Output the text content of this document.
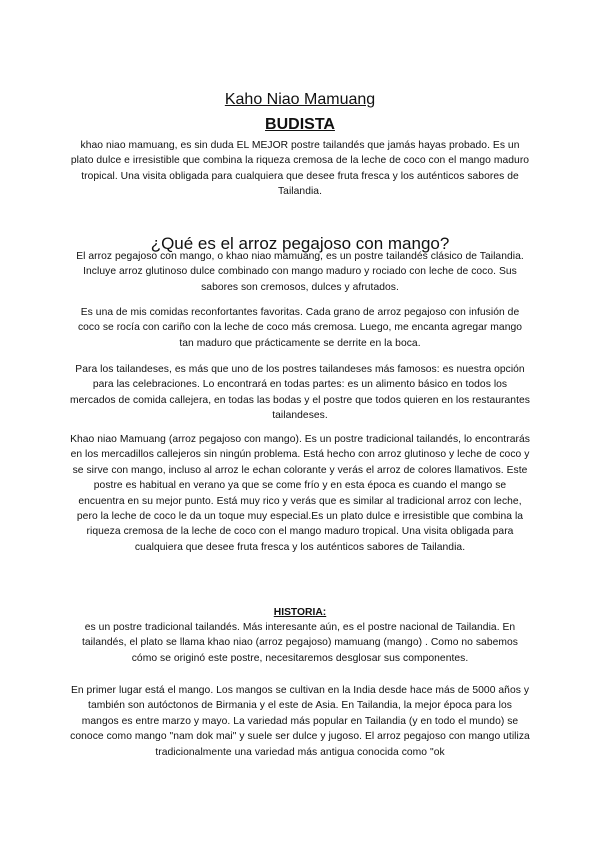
Kaho Niao Mamuang
BUDISTA

khao niao mamuang, es sin duda EL MEJOR postre tailandés que jamás hayas probado. Es un plato dulce e irresistible que combina la riqueza cremosa de la leche de coco con el mango maduro tropical. Una visita obligada para cualquiera que desee fruta fresca y los auténticos sabores de Tailandia.

¿Qué es el arroz pegajoso con mango?

El arroz pegajoso con mango, o khao niao mamuang, es un postre tailandés clásico de Tailandia. Incluye arroz glutinoso dulce combinado con mango maduro y rociado con leche de coco. Sus sabores son cremosos, dulces y afrutados.

Es una de mis comidas reconfortantes favoritas. Cada grano de arroz pegajoso con infusión de coco se rocía con cariño con la leche de coco más cremosa. Luego, me encanta agregar mango tan maduro que prácticamente se derrite en la boca.

Para los tailandeses, es más que uno de los postres tailandeses más famosos: es nuestra opción para las celebraciones. Lo encontrará en todas partes: es un alimento básico en todos los mercados de comida callejera, en todas las bodas y el postre que todos quieren en los restaurantes tailandeses.

Khao niao Mamuang (arroz pegajoso con mango). Es un postre tradicional tailandés, lo encontrarás en los mercadillos callejeros sin ningún problema. Está hecho con arroz glutinoso y leche de coco y se sirve con mango, incluso al arroz le echan colorante y verás el arroz de colores llamativos. Este postre es habitual en verano ya que se come frío y en esta época es cuando el mango se encuentra en su mejor punto. Está muy rico y verás que es similar al tradicional arroz con leche, pero la leche de coco le da un toque muy especial.Es un plato dulce e irresistible que combina la riqueza cremosa de la leche de coco con el mango maduro tropical. Una visita obligada para cualquiera que desee fruta fresca y los auténticos sabores de Tailandia.

HISTORIA:

es un postre tradicional tailandés. Más interesante aún, es el postre nacional de Tailandia. En tailandés, el plato se llama khao niao (arroz pegajoso) mamuang (mango) . Como no sabemos cómo se originó este postre, necesitaremos desglosar sus componentes.

En primer lugar está el mango. Los mangos se cultivan en la India desde hace más de 5000 años y también son autóctonos de Birmania y el este de Asia. En Tailandia, la mejor época para los mangos es entre marzo y mayo. La variedad más popular en Tailandia (y en todo el mundo) se conoce como mango "nam dok mai" y suele ser dulce y jugoso. El arroz pegajoso con mango utiliza tradicionalmente una variedad más antigua conocida como "ok
